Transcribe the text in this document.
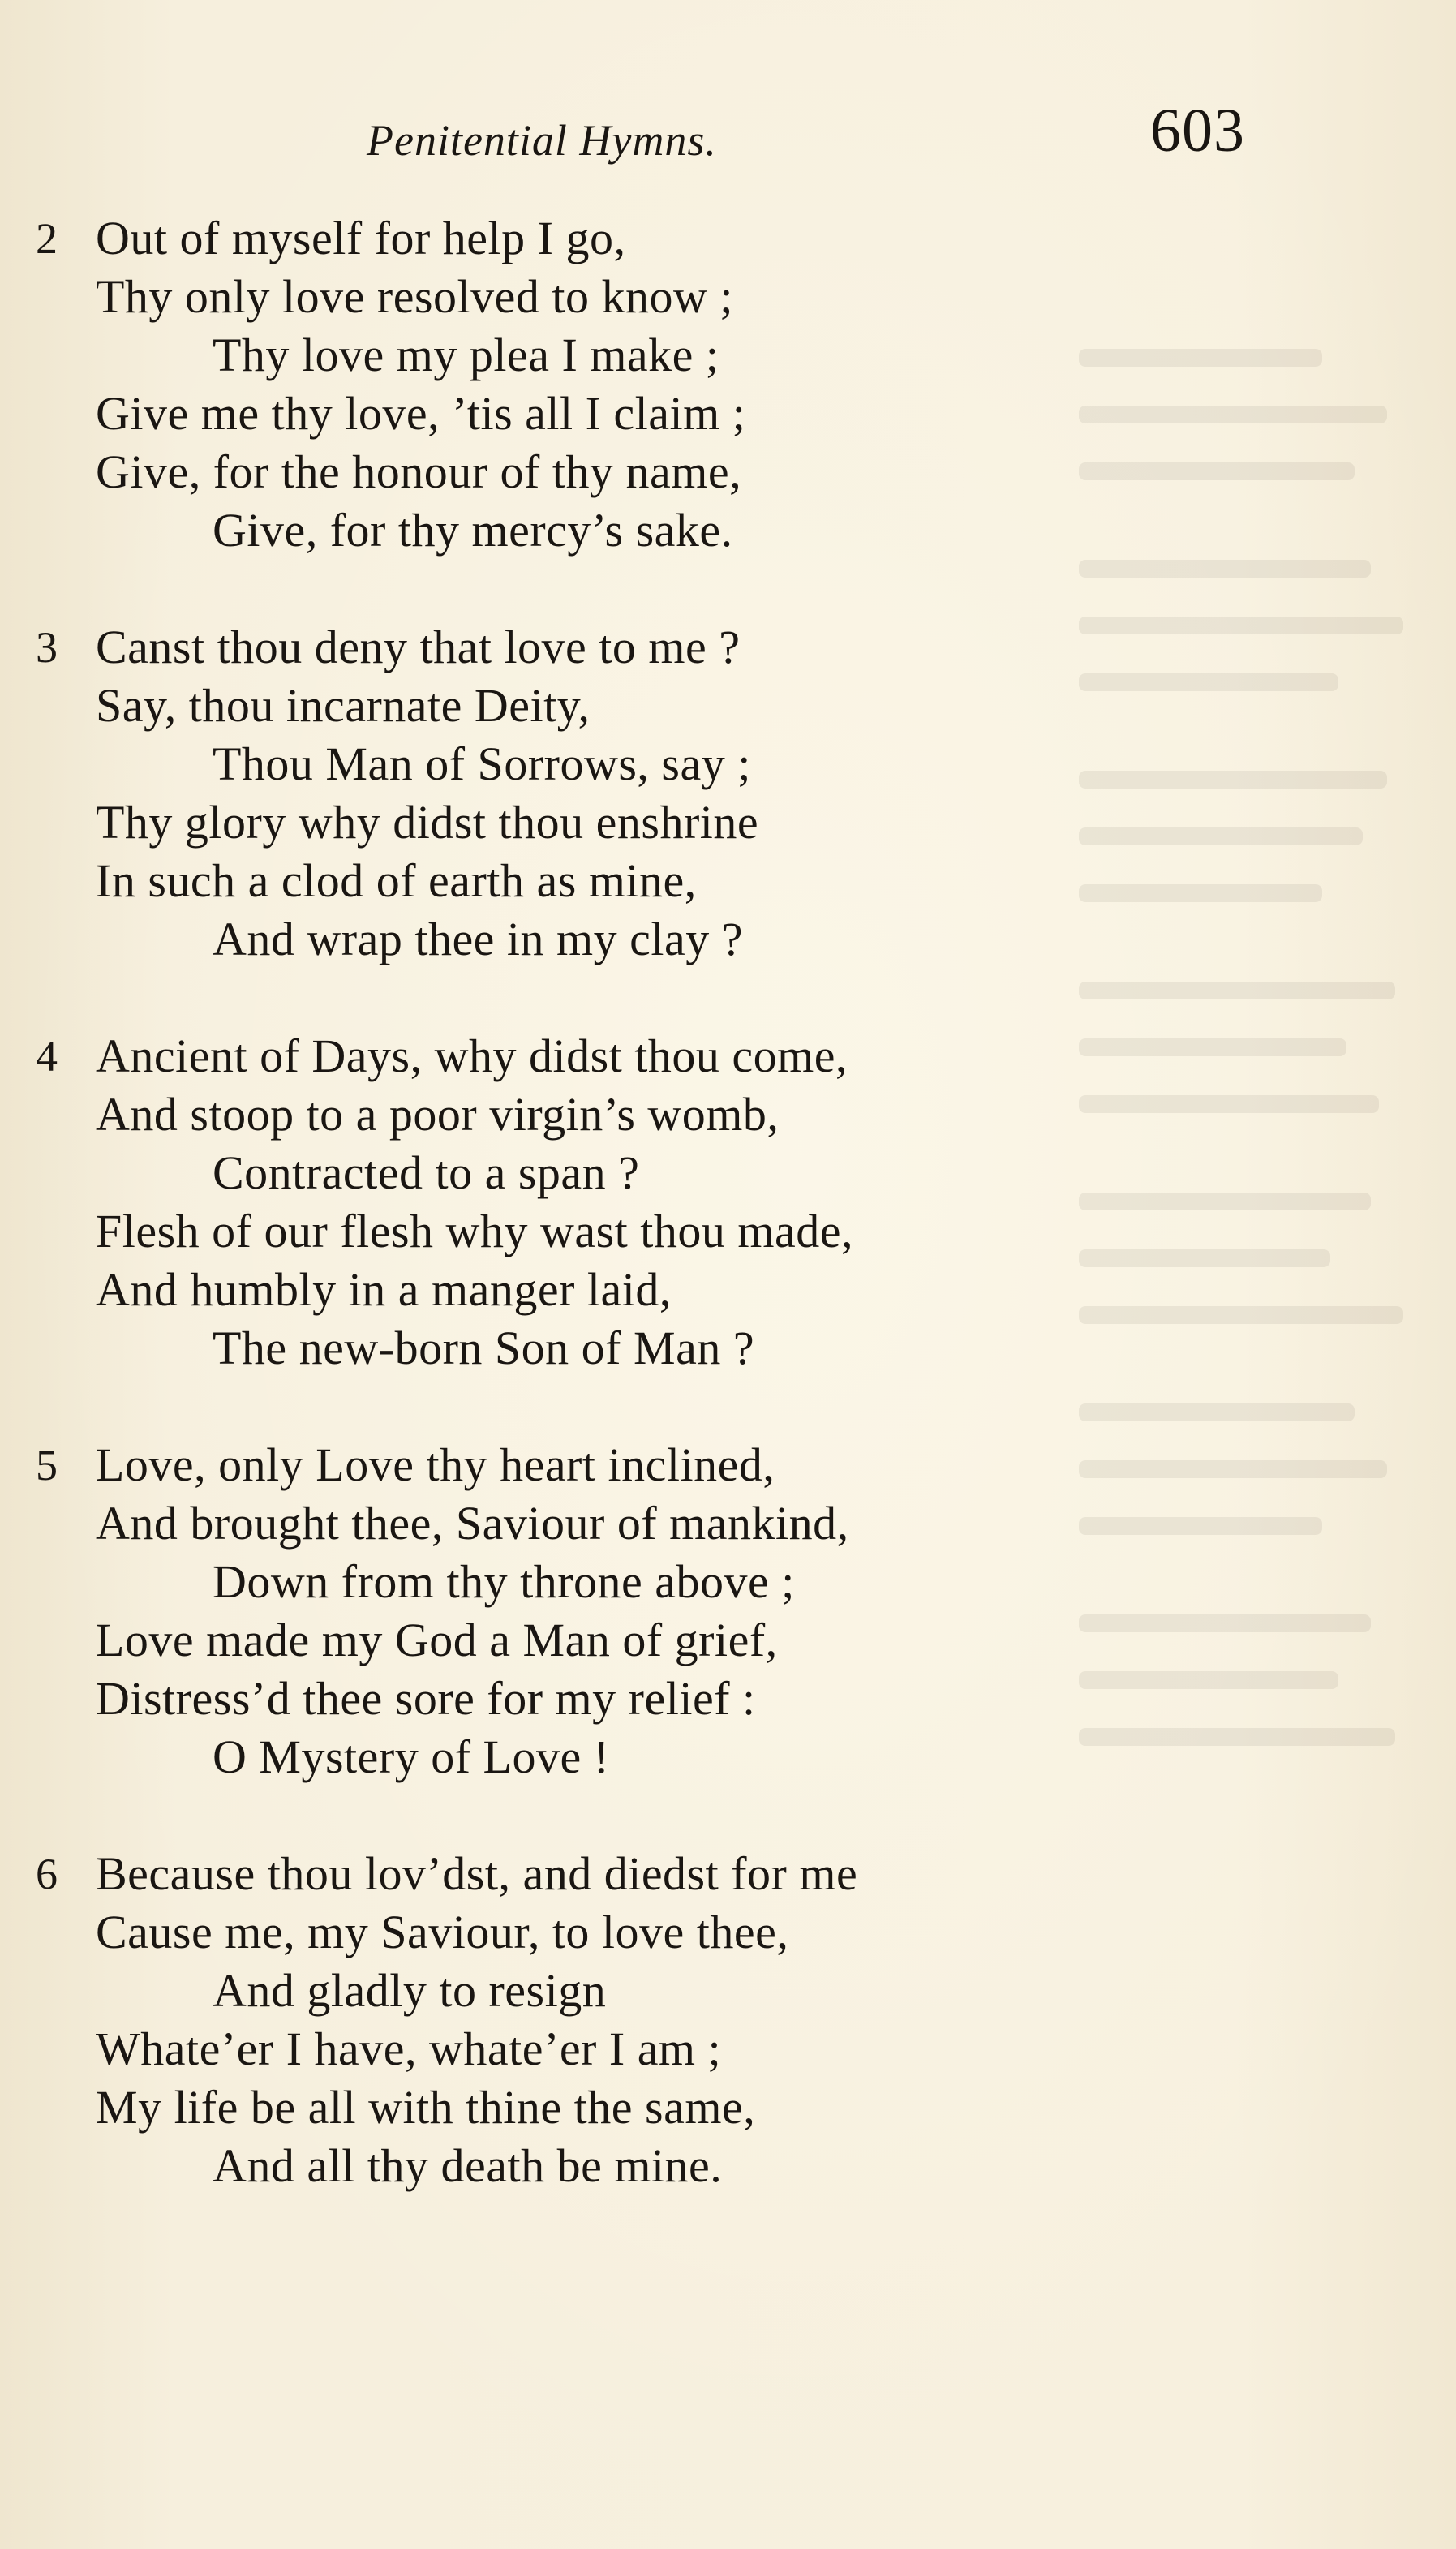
Penitential Hymns.	603
2 Out of myself for help I go,
Thy only love resolved to know ;
Thy love my plea I make ;
Give me thy love, ’tis all I claim ;
Give, for the honour of thy name,
Give, for thy mercy’s sake.
3 Canst thou deny that love to me ?
Say, thou incarnate Deity,
Thou Man of Sorrows, say ;
Thy glory why didst thou enshrine
In such a clod of earth as mine,
And wrap thee in my clay ?
4 Ancient of Days, why didst thou come,
And stoop to a poor virgin’s womb,
Contracted to a span ?
Flesh of our flesh why wast thou made,
And humbly in a manger laid,
The new-born Son of Man ?
5 Love, only Love thy heart inclined,
And brought thee, Saviour of mankind,
Down from thy throne above ;
Love made my God a Man of grief,
Distress’d thee sore for my relief :
O Mystery of Love !
6 Because thou lov’dst, and diedst for me
Cause me, my Saviour, to love thee,
And gladly to resign
Whate’er I have, whate’er I am ;
My life be all with thine the same,
And all thy death be mine.
